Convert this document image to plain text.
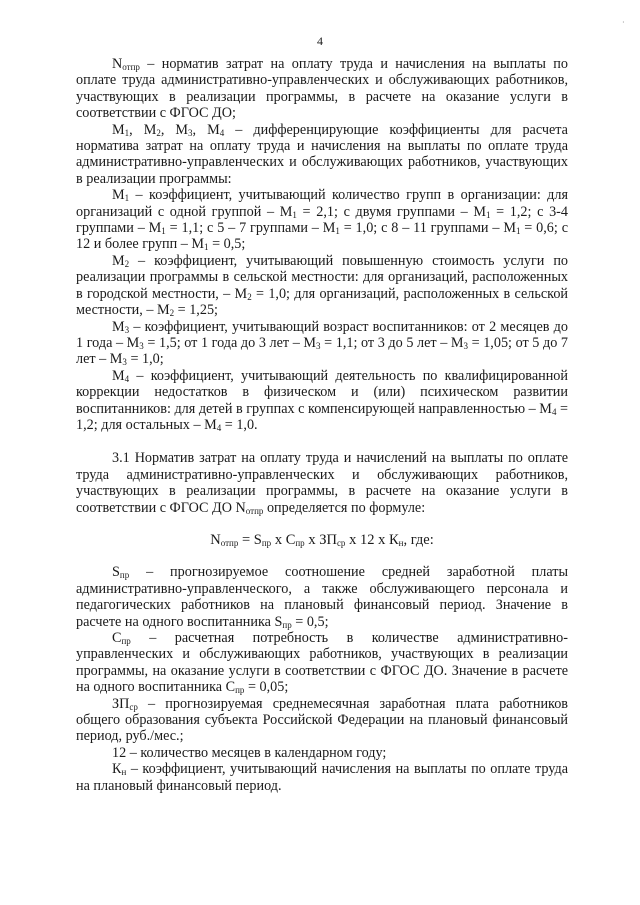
·
4

$N_{отпр}$ – норматив затрат на оплату труда и начисления на выплаты по оплате труда административно-управленческих и обслуживающих работников, участвующих в реализации программы, в расчете на оказание услуги в соответствии с ФГОС ДО;

$М_1$, $М_2$, $М_3$, $М_4$ – дифференцирующие коэффициенты для расчета норматива затрат на оплату труда и начисления на выплаты по оплате труда административно-управленческих и обслуживающих работников, участвующих в реализации программы:

$М_1$ – коэффициент, учитывающий количество групп в организации: для организаций с одной группой – $М_1 = 2,1$; с двумя группами – $М_1 = 1,2$; с 3-4 группами – $М_1 = 1,1$; с 5 – 7 группами – $М_1 = 1,0$; с 8 – 11 группами – $М_1 = 0,6$; с 12 и более групп – $М_1 = 0,5$;

$М_2$ – коэффициент, учитывающий повышенную стоимость услуги по реализации программы в сельской местности: для организаций, расположенных в городской местности, – $М_2 = 1,0$; для организаций, расположенных в сельской местности, – $М_2 = 1,25$;

$М_3$ – коэффициент, учитывающий возраст воспитанников: от 2 месяцев до 1 года – $М_3 = 1,5$; от 1 года до 3 лет – $М_3 = 1,1$; от 3 до 5 лет – $М_3 = 1,05$; от 5 до 7 лет – $М_3 = 1,0$;

$М_4$ – коэффициент, учитывающий деятельность по квалифицированной коррекции недостатков в физическом и (или) психическом развитии воспитанников: для детей в группах с компенсирующей направленностью – $М_4 = 1,2$; для остальных – $М_4 = 1,0$.

3.1 Норматив затрат на оплату труда и начислений на выплаты по оплате труда административно-управленческих и обслуживающих работников, участвующих в реализации программы, в расчете на оказание услуги в соответствии с ФГОС ДО $N_{отпр}$ определяется по формуле:

$N_{отпр} = S_{пр}$ х $С_{пр}$ х $ЗП_{ср}$ х 12 х $К_н$, где:

$S_{пр}$ – прогнозируемое соотношение средней заработной платы административно-управленческого, а также обслуживающего персонала и педагогических работников на плановый финансовый период. Значение в расчете на одного воспитанника $S_{пр} = 0,5$;

$С_{пр}$ – расчетная потребность в количестве административно-управленческих и обслуживающих работников, участвующих в реализации программы, на оказание услуги в соответствии с ФГОС ДО. Значение в расчете на одного воспитанника $С_{пр} = 0,05$;

$ЗП_{ср}$ – прогнозируемая среднемесячная заработная плата работников общего образования субъекта Российской Федерации на плановый финансовый период, руб./мес.;

12 – количество месяцев в календарном году;

$К_н$ – коэффициент, учитывающий начисления на выплаты по оплате труда на плановый финансовый период.
